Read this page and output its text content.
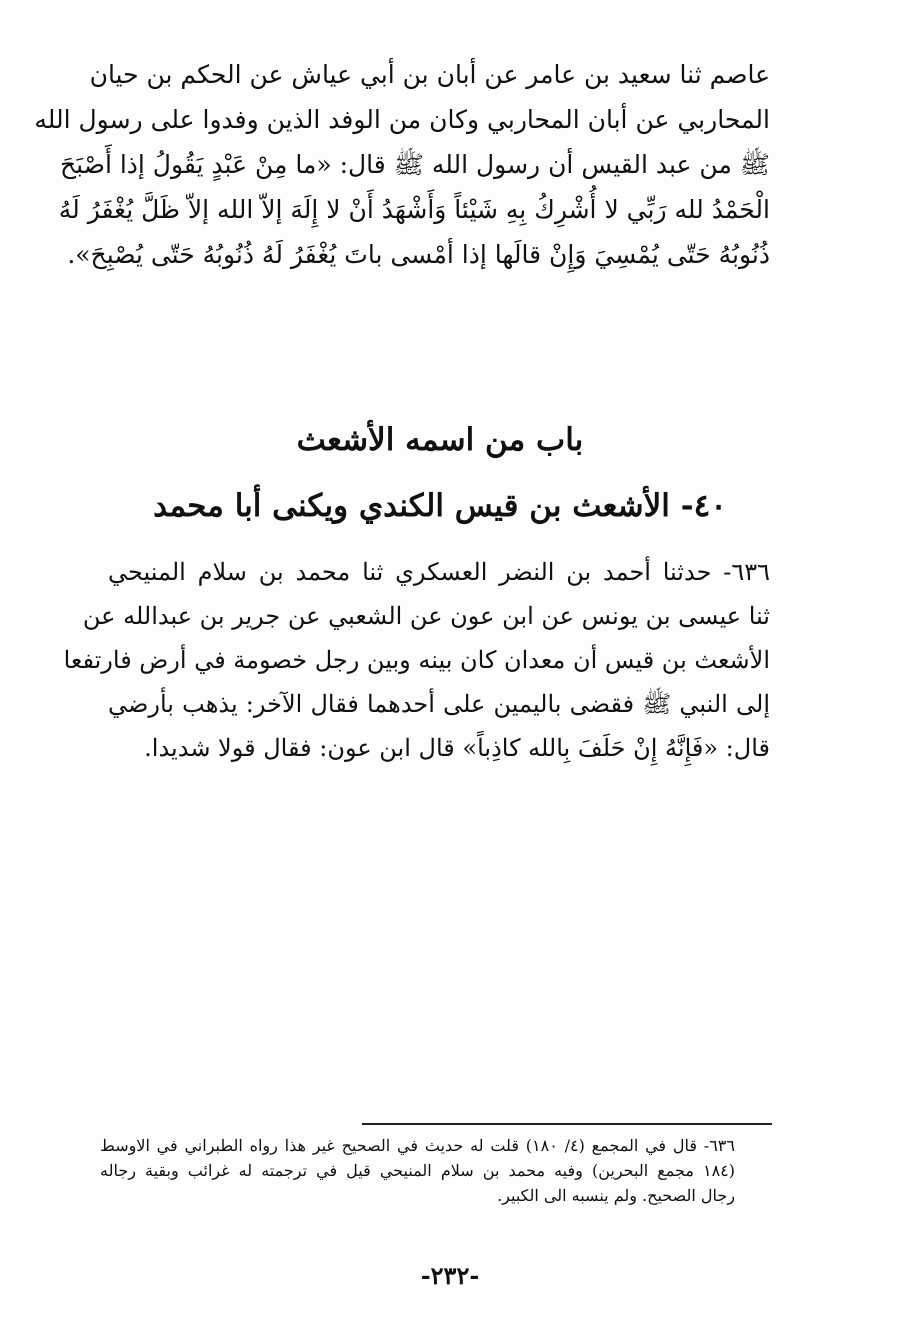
عاصم ثنا سعيد بن عامر عن أبان بن أبي عياش عن الحكم بن حيان
المحاربي عن أبان المحاربي وكان من الوفد الذين وفدوا على رسول الله
ﷺ من عبد القيس أن رسول الله ﷺ قال: «ما مِنْ عَبْدٍ يَقُولُ إذا أَصْبَحَ
الْحَمْدُ لله رَبِّي لا أُشْرِكُ بِهِ شَيْئاً وَأَشْهَدُ أَنْ لا إِلَهَ إلاّ الله إلاّ ظَلَّ يُغْفَرُ لَهُ
ذُنُوبُهُ حَتّى يُمْسِيَ وَإِنْ قالَها إذا أمْسى باتَ يُغْفَرُ لَهُ ذُنُوبُهُ حَتّى يُصْبِحَ».
باب من اسمه الأشعث
٤٠- الأشعث بن قيس الكندي ويكنى أبا محمد
٦٣٦- حدثنا أحمد بن النضر العسكري ثنا محمد بن سلام المنيحي
ثنا عيسى بن يونس عن ابن عون عن الشعبي عن جرير بن عبدالله عن
الأشعث بن قيس أن معدان كان بينه وبين رجل خصومة في أرض فارتفعا
إلى النبي ﷺ فقضى باليمين على أحدهما فقال الآخر: يذهب بأرضي
قال: «فَإِنَّهُ إِنْ حَلَفَ بِالله كاذِباً» قال ابن عون: فقال قولا شديدا.
٦٣٦- قال في المجمع (٤/ ١٨٠) قلت له حديث في الصحيح غير هذا رواه الطبراني في الاوسط
(١٨٤ مجمع البحرين) وفيه محمد بن سلام المنيحي قيل في ترجمته له غرائب وبقية رجاله
رجال الصحيح. ولم ينسبه الى الكبير.
-٢٣٢-
